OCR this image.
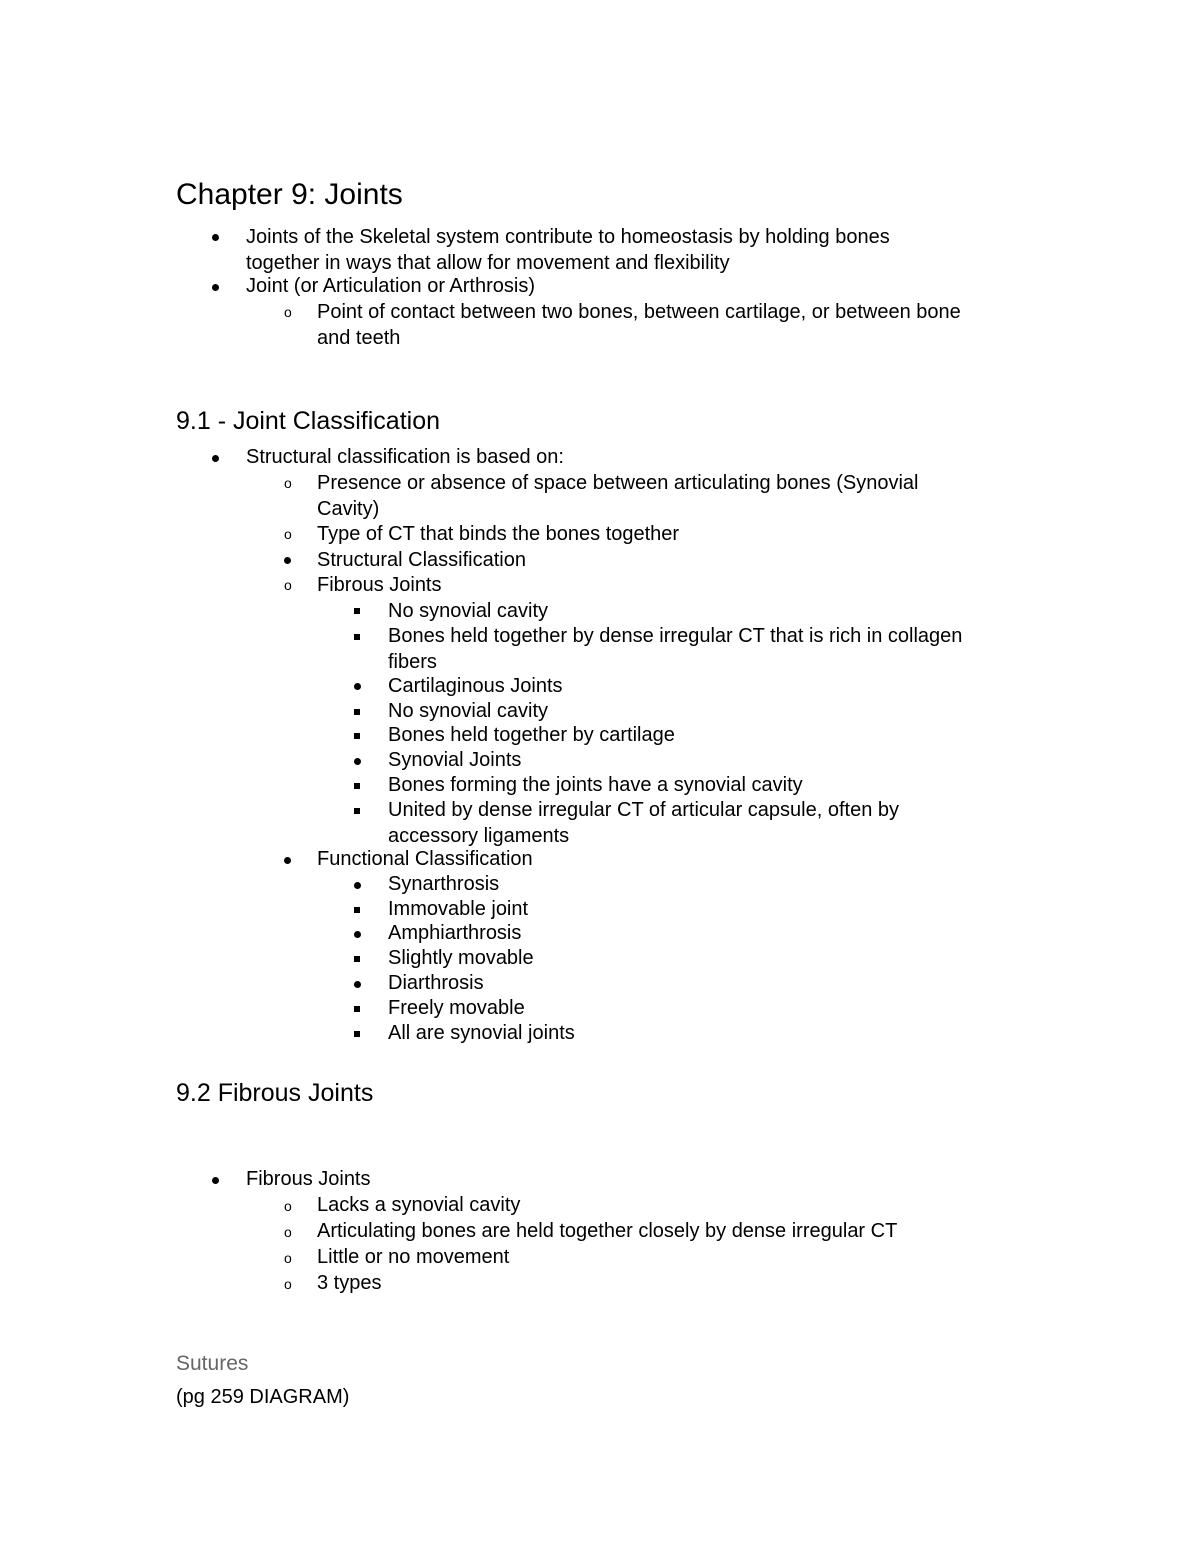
Chapter 9: Joints
Joints of the Skeletal system contribute to homeostasis by holding bones
together in ways that allow for movement and flexibility
Joint (or Articulation or Arthrosis)
o Point of contact between two bones, between cartilage, or between bone
and teeth
9.1 - Joint Classification
Structural classification is based on:
o Presence or absence of space between articulating bones (Synovial
Cavity)
o Type of CT that binds the bones together
Structural Classification
o Fibrous Joints
No synovial cavity
Bones held together by dense irregular CT that is rich in collagen
fibers
Cartilaginous Joints
No synovial cavity
Bones held together by cartilage
Synovial Joints
Bones forming the joints have a synovial cavity
United by dense irregular CT of articular capsule, often by
accessory ligaments
Functional Classification
Synarthrosis
Immovable joint
Amphiarthrosis
Slightly movable
Diarthrosis
Freely movable
All are synovial joints
9.2 Fibrous Joints
Fibrous Joints
o Lacks a synovial cavity
o Articulating bones are held together closely by dense irregular CT
o Little or no movement
o 3 types
Sutures
(pg 259 DIAGRAM)
